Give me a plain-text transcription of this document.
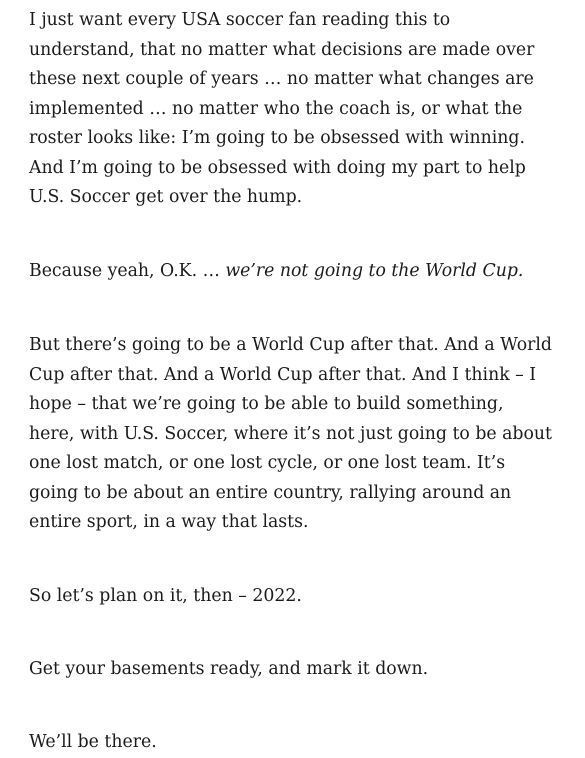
I just want every USA soccer fan reading this to
understand, that no matter what decisions are made over
these next couple of years … no matter what changes are
implemented … no matter who the coach is, or what the
roster looks like: I’m going to be obsessed with winning.
And I’m going to be obsessed with doing my part to help
U.S. Soccer get over the hump.

Because yeah, O.K. … we’re not going to the World Cup.

But there’s going to be a World Cup after that. And a World
Cup after that. And a World Cup after that. And I think – I
hope – that we’re going to be able to build something,
here, with U.S. Soccer, where it’s not just going to be about
one lost match, or one lost cycle, or one lost team. It’s
going to be about an entire country, rallying around an
entire sport, in a way that lasts.

So let’s plan on it, then – 2022.

Get your basements ready, and mark it down.

We’ll be there.
